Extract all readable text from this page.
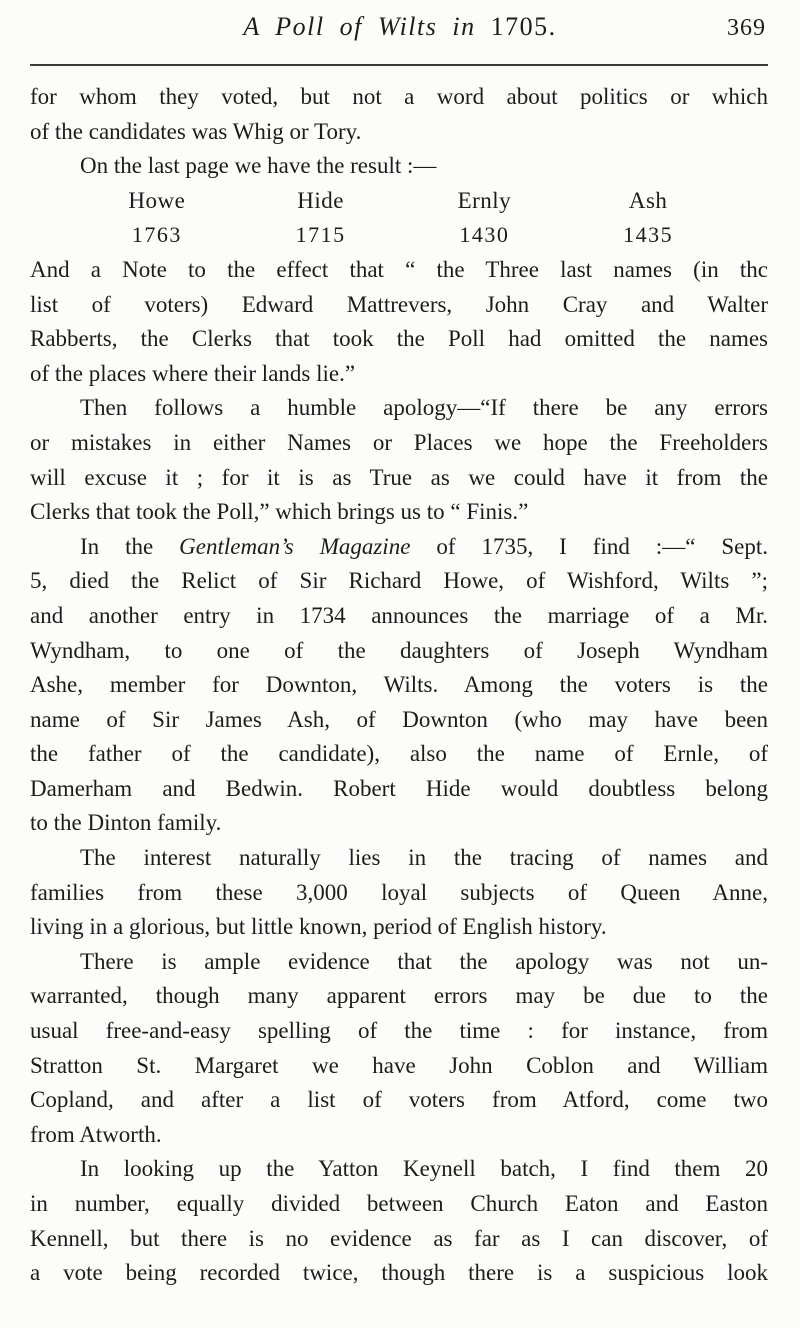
A Poll of Wilts in 1705.	369
for whom they voted, but not a word about politics or which
of the candidates was Whig or Tory.
On the last page we have the result :—
Howe	Hide	Ernly	Ash
1763	1715	1430	1435
And a Note to the effect that “ the Three last names (in thc
list of voters) Edward Mattrevers, John Cray and Walter
Rabberts, the Clerks that took the Poll had omitted the names
of the places where their lands lie.”
Then follows a humble apology—“If there be any errors
or mistakes in either Names or Places we hope the Freeholders
will excuse it ; for it is as True as we could have it from the
Clerks that took the Poll,” which brings us to “ Finis.”
In the Gentleman’s Magazine of 1735, I find :—“ Sept.
5, died the Relict of Sir Richard Howe, of Wishford, Wilts ”;
and another entry in 1734 announces the marriage of a Mr.
Wyndham, to one of the daughters of Joseph Wyndham
Ashe, member for Downton, Wilts. Among the voters is the
name of Sir James Ash, of Downton (who may have been
the father of the candidate), also the name of Ernle, of
Damerham and Bedwin. Robert Hide would doubtless belong
to the Dinton family.
The interest naturally lies in the tracing of names and
families from these 3,000 loyal subjects of Queen Anne,
living in a glorious, but little known, period of English history.
There is ample evidence that the apology was not un-
warranted, though many apparent errors may be due to the
usual free-and-easy spelling of the time : for instance, from
Stratton St. Margaret we have John Coblon and William
Copland, and after a list of voters from Atford, come two
from Atworth.
In looking up the Yatton Keynell batch, I find them 20
in number, equally divided between Church Eaton and Easton
Kennell, but there is no evidence as far as I can discover, of
a vote being recorded twice, though there is a suspicious look
